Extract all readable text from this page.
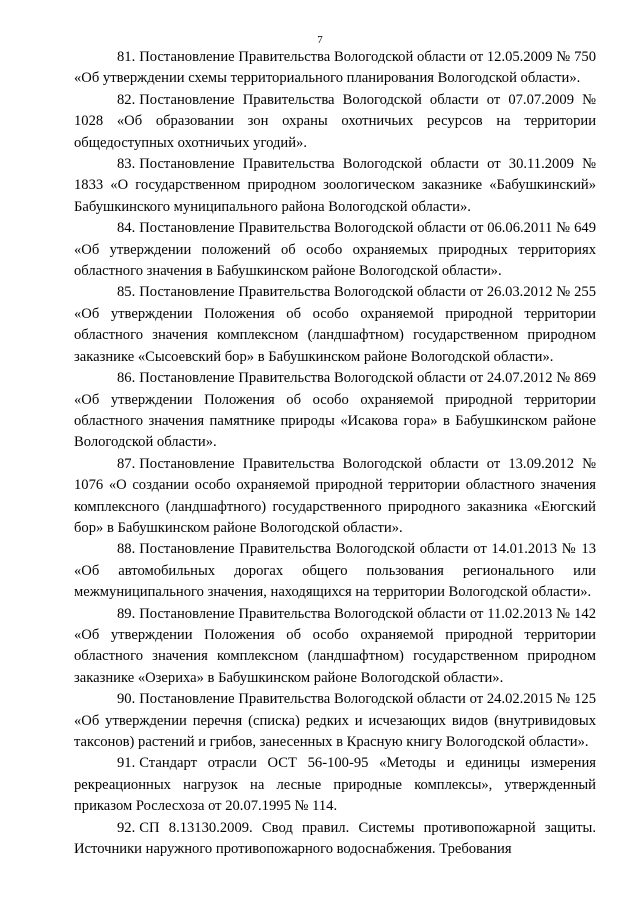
7

81. Постановление Правительства Вологодской области от 12.05.2009 № 750 «Об утверждении схемы территориального планирования Вологодской области».

82. Постановление Правительства Вологодской области от 07.07.2009 № 1028 «Об образовании зон охраны охотничьих ресурсов на территории общедоступных охотничьих угодий».

83. Постановление Правительства Вологодской области от 30.11.2009 № 1833 «О государственном природном зоологическом заказнике «Бабушкинский» Бабушкинского муниципального района Вологодской области».

84. Постановление Правительства Вологодской области от 06.06.2011 № 649 «Об утверждении положений об особо охраняемых природных территориях областного значения в Бабушкинском районе Вологодской области».

85. Постановление Правительства Вологодской области от 26.03.2012 № 255 «Об утверждении Положения об особо охраняемой природной территории областного значения комплексном (ландшафтном) государственном природном заказнике «Сысоевский бор» в Бабушкинском районе Вологодской области».

86. Постановление Правительства Вологодской области от 24.07.2012 № 869 «Об утверждении Положения об особо охраняемой природной территории областного значения памятнике природы «Исакова гора» в Бабушкинском районе Вологодской области».

87. Постановление Правительства Вологодской области от 13.09.2012 № 1076 «О создании особо охраняемой природной территории областного значения комплексного (ландшафтного) государственного природного заказника «Еюгский бор» в Бабушкинском районе Вологодской области».

88. Постановление Правительства Вологодской области от 14.01.2013 № 13 «Об автомобильных дорогах общего пользования регионального или межмуниципального значения, находящихся на территории Вологодской области».

89. Постановление Правительства Вологодской области от 11.02.2013 № 142 «Об утверждении Положения об особо охраняемой природной территории областного значения комплексном (ландшафтном) государственном природном заказнике «Озериха» в Бабушкинском районе Вологодской области».

90. Постановление Правительства Вологодской области от 24.02.2015 № 125 «Об утверждении перечня (списка) редких и исчезающих видов (внутривидовых таксонов) растений и грибов, занесенных в Красную книгу Вологодской области».

91. Стандарт отрасли ОСТ 56-100-95 «Методы и единицы измерения рекреационных нагрузок на лесные природные комплексы», утвержденный приказом Рослесхоза от 20.07.1995 № 114.

92. СП 8.13130.2009. Свод правил. Системы противопожарной защиты. Источники наружного противопожарного водоснабжения. Требования
